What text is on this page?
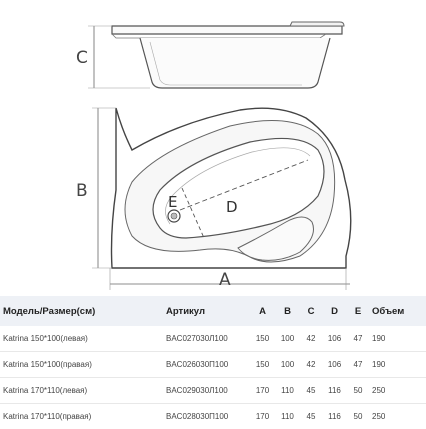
C
D
E
B
A
Модель/Размер(см)	Артикул	A	B	C	D	E	Объем
Katrina 150*100(левая)	BAC027030Л100	150	100	42	106	47	190
Katrina 150*100(правая)	BAC026030П100	150	100	42	106	47	190
Katrina 170*110(левая)	BAC029030Л100	170	110	45	116	50	250
Katrina 170*110(правая)	BAC028030П100	170	110	45	116	50	250
